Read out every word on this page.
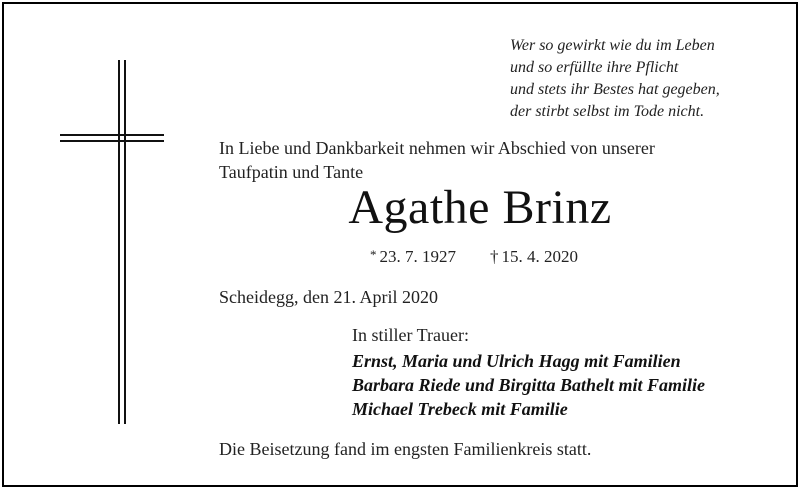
Wer so gewirkt wie du im Leben
und so erfüllte ihre Pflicht
und stets ihr Bestes hat gegeben,
der stirbt selbst im Tode nicht.
In Liebe und Dankbarkeit nehmen wir Abschied von unserer
Taufpatin und Tante
Agathe Brinz
* 23. 7. 1927 † 15. 4. 2020
Scheidegg, den 21. April 2020
In stiller Trauer:
Ernst, Maria und Ulrich Hagg mit Familien
Barbara Riede und Birgitta Bathelt mit Familie
Michael Trebeck mit Familie
Die Beisetzung fand im engsten Familienkreis statt.
